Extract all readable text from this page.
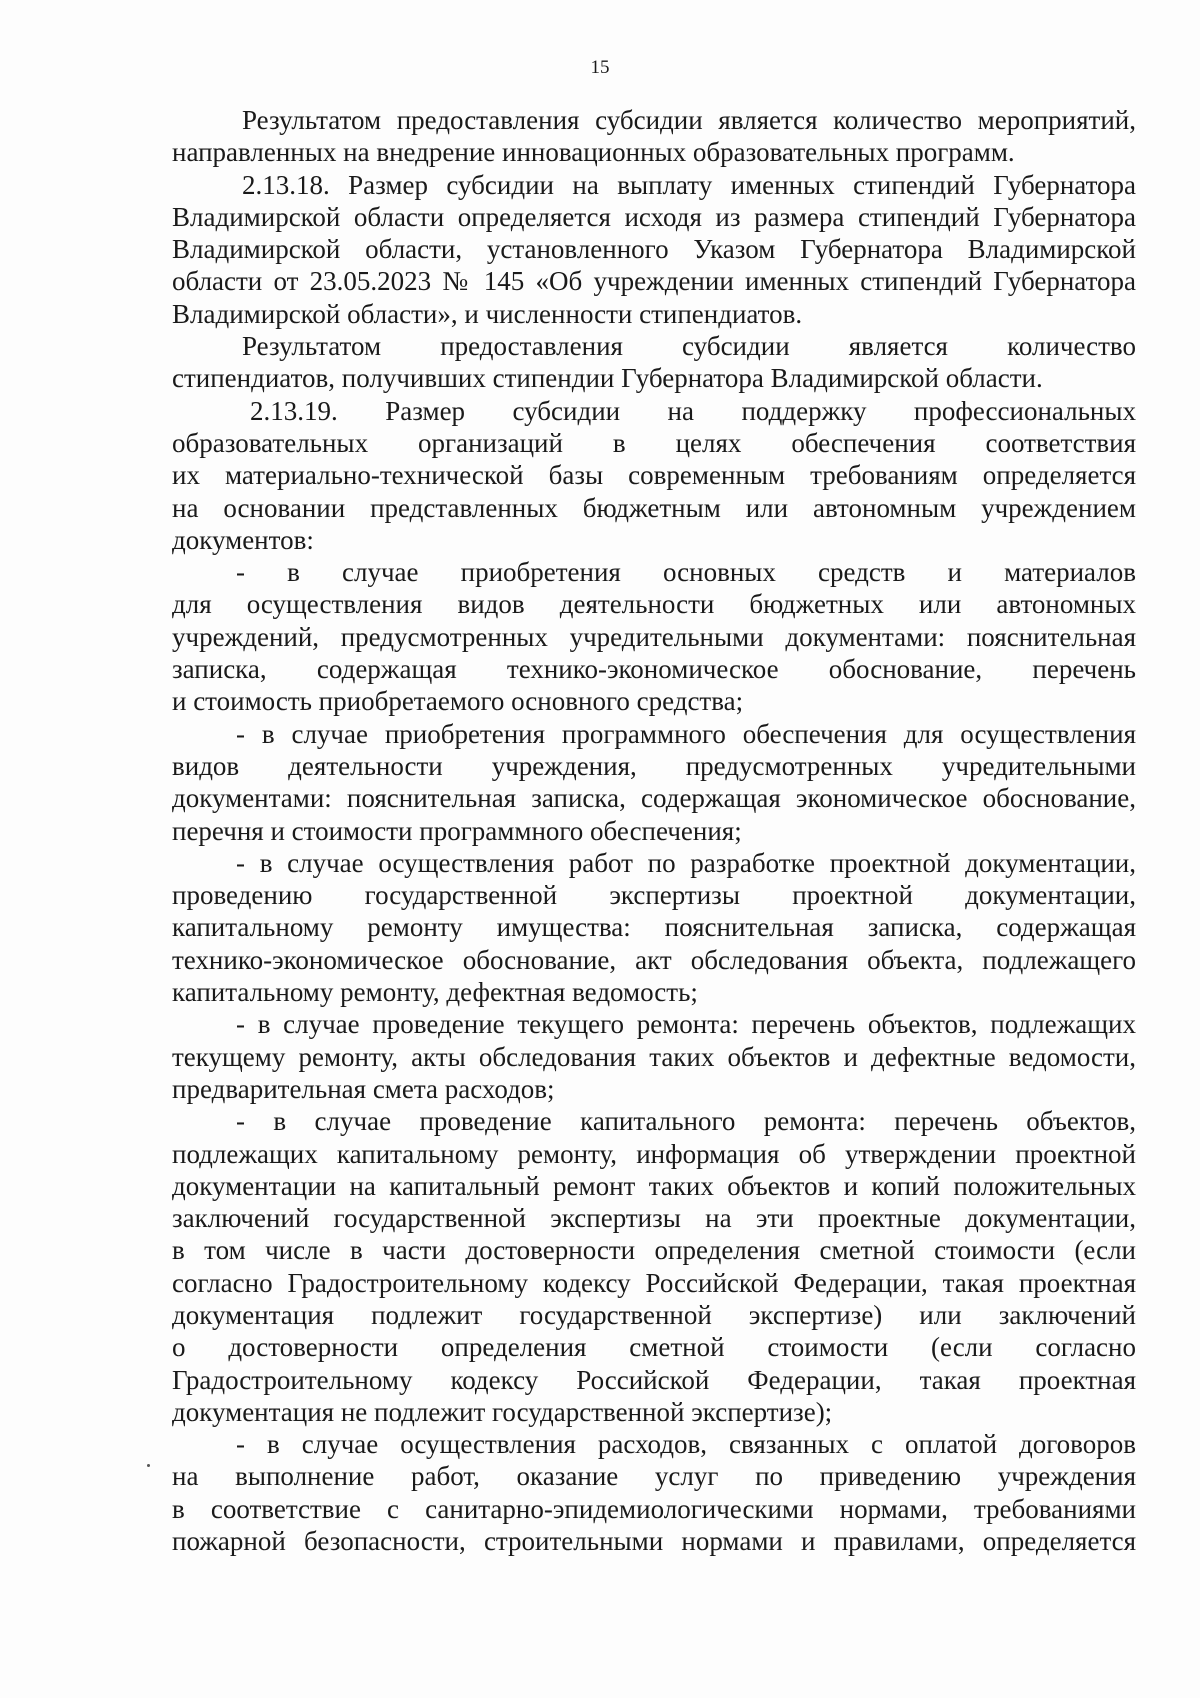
15
Результатом предоставления субсидии является количество мероприятий,
направленных на внедрение инновационных образовательных программ.
2.13.18. Размер субсидии на выплату именных стипендий Губернатора
Владимирской области определяется исходя из размера стипендий Губернатора
Владимирской области, установленного Указом Губернатора Владимирской
области от 23.05.2023 № 145 «Об учреждении именных стипендий Губернатора
Владимирской области», и численности стипендиатов.
Результатом предоставления субсидии является количество
стипендиатов, получивших стипендии Губернатора Владимирской области.
2.13.19. Размер субсидии на поддержку профессиональных
образовательных организаций в целях обеспечения соответствия
их материально-технической базы современным требованиям определяется
на основании представленных бюджетным или автономным учреждением
документов:
- в случае приобретения основных средств и материалов
для осуществления видов деятельности бюджетных или автономных
учреждений, предусмотренных учредительными документами: пояснительная
записка, содержащая технико-экономическое обоснование, перечень
и стоимость приобретаемого основного средства;
- в случае приобретения программного обеспечения для осуществления
видов деятельности учреждения, предусмотренных учредительными
документами: пояснительная записка, содержащая экономическое обоснование,
перечня и стоимости программного обеспечения;
- в случае осуществления работ по разработке проектной документации,
проведению государственной экспертизы проектной документации,
капитальному ремонту имущества: пояснительная записка, содержащая
технико-экономическое обоснование, акт обследования объекта, подлежащего
капитальному ремонту, дефектная ведомость;
- в случае проведение текущего ремонта: перечень объектов, подлежащих
текущему ремонту, акты обследования таких объектов и дефектные ведомости,
предварительная смета расходов;
- в случае проведение капитального ремонта: перечень объектов,
подлежащих капитальному ремонту, информация об утверждении проектной
документации на капитальный ремонт таких объектов и копий положительных
заключений государственной экспертизы на эти проектные документации,
в том числе в части достоверности определения сметной стоимости (если
согласно Градостроительному кодексу Российской Федерации, такая проектная
документация подлежит государственной экспертизе) или заключений
о достоверности определения сметной стоимости (если согласно
Градостроительному кодексу Российской Федерации, такая проектная
документация не подлежит государственной экспертизе);
- в случае осуществления расходов, связанных с оплатой договоров
на выполнение работ, оказание услуг по приведению учреждения
в соответствие с санитарно-эпидемиологическими нормами, требованиями
пожарной безопасности, строительными нормами и правилами, определяется
